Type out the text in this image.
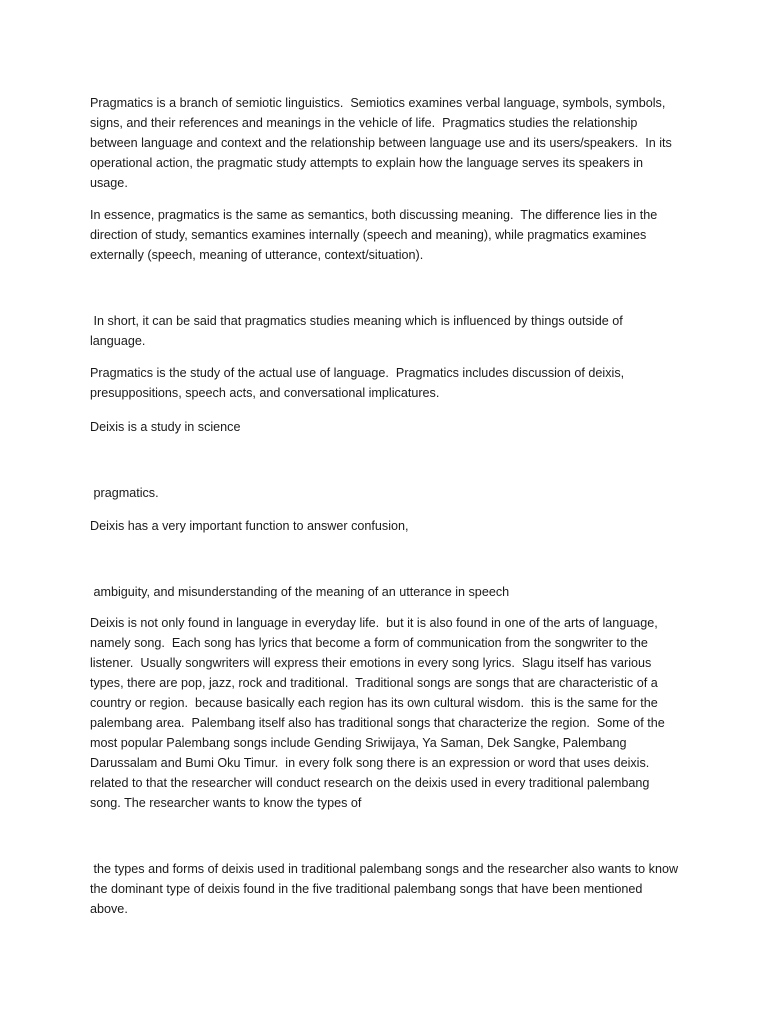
Pragmatics is a branch of semiotic linguistics.  Semiotics examines verbal language, symbols, symbols, signs, and their references and meanings in the vehicle of life.  Pragmatics studies the relationship between language and context and the relationship between language use and its users/speakers.  In its operational action, the pragmatic study attempts to explain how the language serves its speakers in usage.

In essence, pragmatics is the same as semantics, both discussing meaning.  The difference lies in the direction of study, semantics examines internally (speech and meaning), while pragmatics examines externally (speech, meaning of utterance, context/situation).

In short, it can be said that pragmatics studies meaning which is influenced by things outside of language.

Pragmatics is the study of the actual use of language.  Pragmatics includes discussion of deixis, presuppositions, speech acts, and conversational implicatures.

Deixis is a study in science

pragmatics.

Deixis has a very important function to answer confusion,

ambiguity, and misunderstanding of the meaning of an utterance in speech

Deixis is not only found in language in everyday life.  but it is also found in one of the arts of language, namely song.  Each song has lyrics that become a form of communication from the songwriter to the listener.  Usually songwriters will express their emotions in every song lyrics.  Slagu itself has various types, there are pop, jazz, rock and traditional.  Traditional songs are songs that are characteristic of a country or region.  because basically each region has its own cultural wisdom.  this is the same for the palembang area.  Palembang itself also has traditional songs that characterize the region.  Some of the most popular Palembang songs include Gending Sriwijaya, Ya Saman, Dek Sangke, Palembang Darussalam and Bumi Oku Timur.  in every folk song there is an expression or word that uses deixis. related to that the researcher will conduct research on the deixis used in every traditional palembang song. The researcher wants to know the types of

the types and forms of deixis used in traditional palembang songs and the researcher also wants to know the dominant type of deixis found in the five traditional palembang songs that have been mentioned above.
